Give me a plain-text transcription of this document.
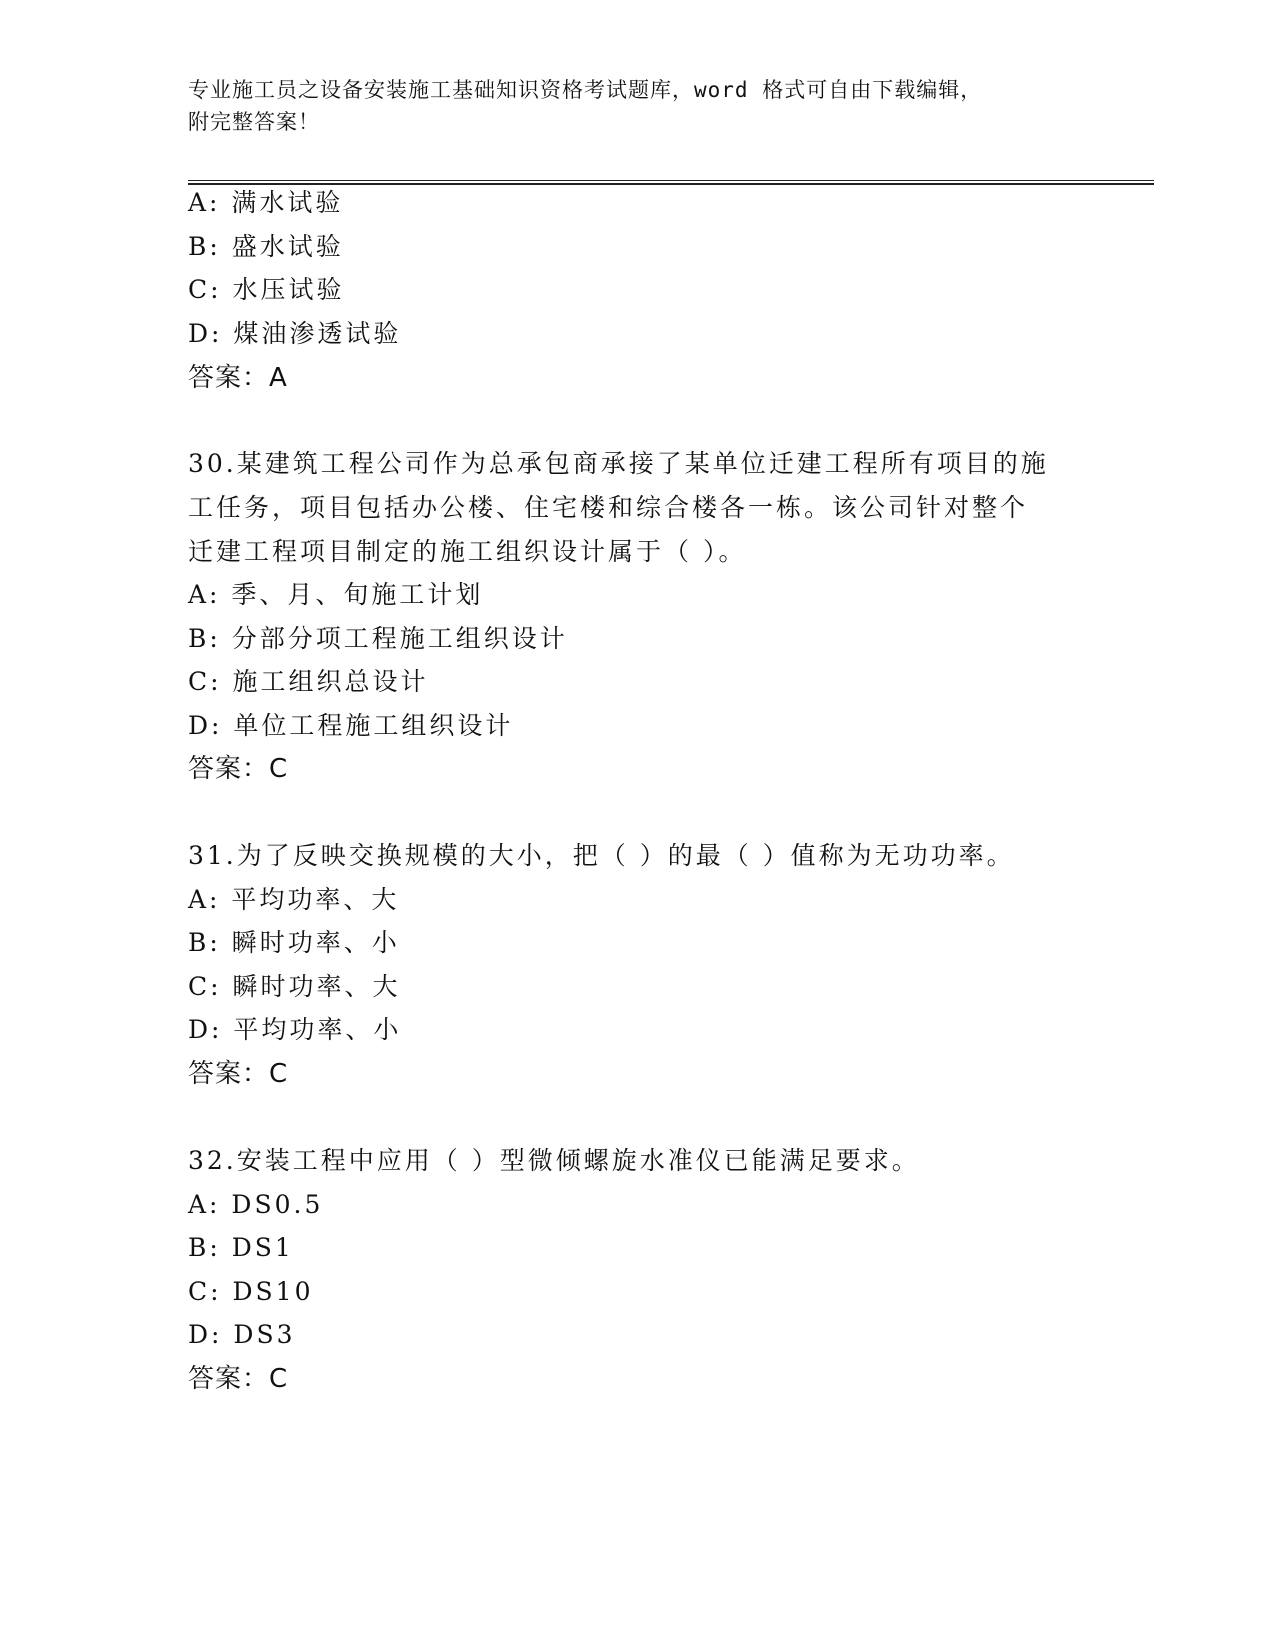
专业施工员之设备安装施工基础知识资格考试题库，word 格式可自由下载编辑，
附完整答案！
A: 满水试验
B: 盛水试验
C: 水压试验
D: 煤油渗透试验
答案：A
30.某建筑工程公司作为总承包商承接了某单位迁建工程所有项目的施
工任务，项目包括办公楼、住宅楼和综合楼各一栋。该公司针对整个
迁建工程项目制定的施工组织设计属于（ ）。
A: 季、月、旬施工计划
B: 分部分项工程施工组织设计
C: 施工组织总设计
D: 单位工程施工组织设计
答案：C
31.为了反映交换规模的大小，把（ ）的最（ ）值称为无功功率。
A: 平均功率、大
B: 瞬时功率、小
C: 瞬时功率、大
D: 平均功率、小
答案：C
32.安装工程中应用（ ）型微倾螺旋水准仪已能满足要求。
A: DS0.5
B: DS1
C: DS10
D: DS3
答案：C
